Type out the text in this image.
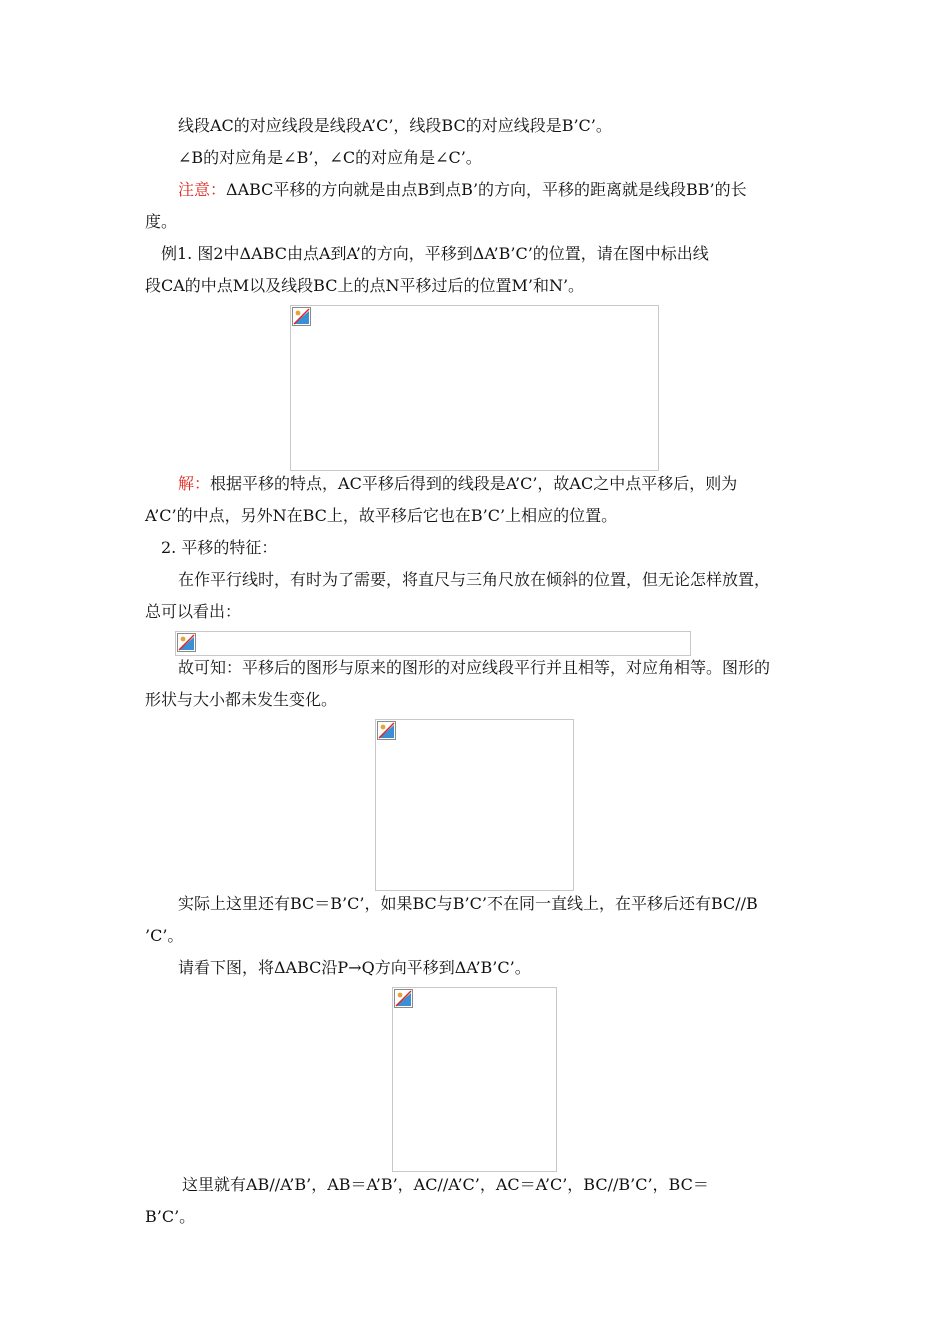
线段AC的对应线段是线段A’C’，线段BC的对应线段是B’C’。
∠B的对应角是∠B’，∠C的对应角是∠C’。
注意：ΔABC平移的方向就是由点B到点B’的方向，平移的距离就是线段BB’的长
度。
例1. 图2中ΔABC由点A到A’的方向，平移到ΔA’B’C’的位置，请在图中标出线
段CA的中点M以及线段BC上的点N平移过后的位置M’和N’。
解：根据平移的特点，AC平移后得到的线段是A’C’，故AC之中点平移后，则为
A’C’的中点，另外N在BC上，故平移后它也在B’C’上相应的位置。
2. 平移的特征：
在作平行线时，有时为了需要，将直尺与三角尺放在倾斜的位置，但无论怎样放置，
总可以看出：
故可知：平移后的图形与原来的图形的对应线段平行并且相等，对应角相等。图形的
形状与大小都未发生变化。
实际上这里还有BC＝B’C’，如果BC与B’C’不在同一直线上，在平移后还有BC//B
’C’。
请看下图，将ΔABC沿P→Q方向平移到ΔA’B’C’。
这里就有AB//A’B’，AB＝A’B’，AC//A’C’，AC＝A’C’，BC//B’C’，BC＝
B’C’。
